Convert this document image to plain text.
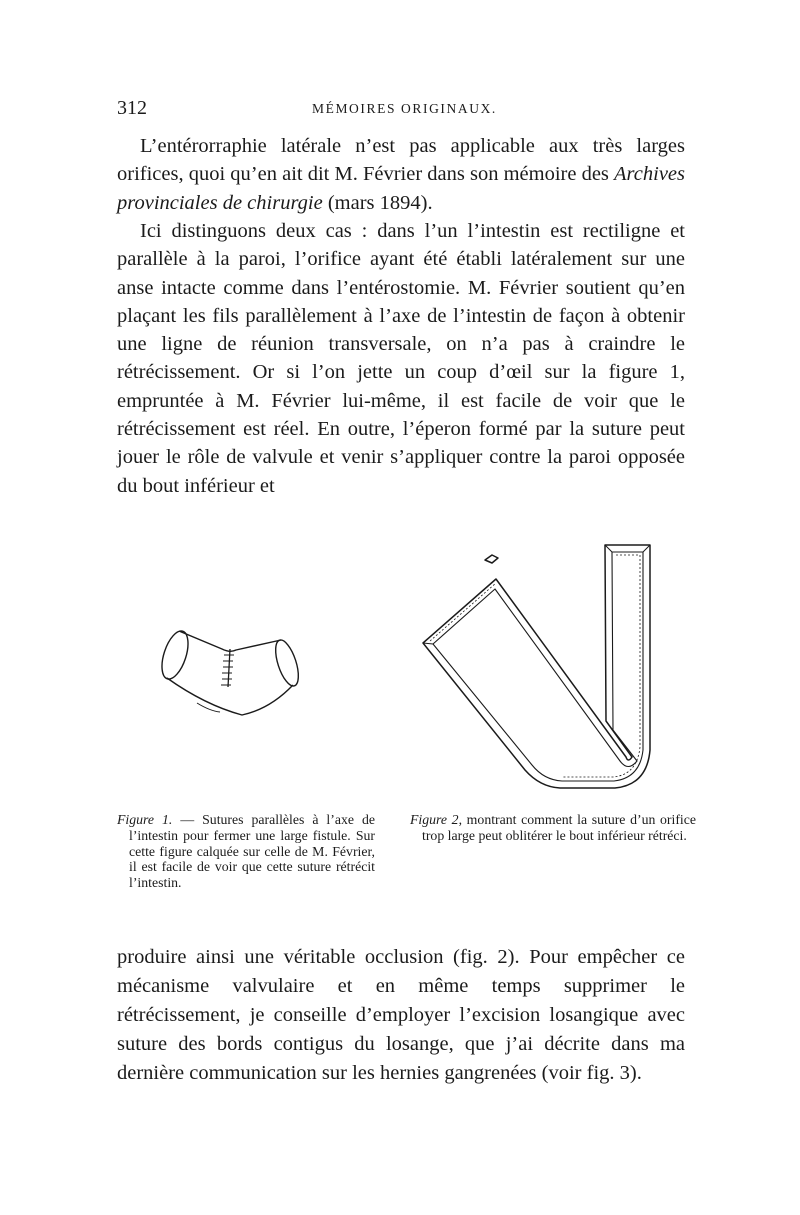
312	MÉMOIRES ORIGINAUX.

L’entérorraphie latérale n’est pas applicable aux très larges orifices, quoi qu’en ait dit M. Février dans son mémoire des Archives provinciales de chirurgie (mars 1894).

Ici distinguons deux cas : dans l’un l’intestin est rectiligne et parallèle à la paroi, l’orifice ayant été établi latéralement sur une anse intacte comme dans l’entérostomie. M. Février soutient qu’en plaçant les fils parallèlement à l’axe de l’intestin de façon à obtenir une ligne de réunion transversale, on n’a pas à craindre le rétrécissement. Or si l’on jette un coup d’œil sur la figure 1, empruntée à M. Février lui-même, il est facile de voir que le rétrécissement est réel. En outre, l’éperon formé par la suture peut jouer le rôle de valvule et venir s’appliquer contre la paroi opposée du bout inférieur et

Figure 1. — Sutures parallèles à l’axe de l’intestin pour fermer une large fistule. Sur cette figure calquée sur celle de M. Février, il est facile de voir que cette suture rétrécit l’intestin.

Figure 2, montrant comment la suture d’un orifice trop large peut oblitérer le bout inférieur rétréci.

produire ainsi une véritable occlusion (fig. 2). Pour empêcher ce mécanisme valvulaire et en même temps supprimer le rétrécissement, je conseille d’employer l’excision losangique avec suture des bords contigus du losange, que j’ai décrite dans ma dernière communication sur les hernies gangrenées (voir fig. 3).
